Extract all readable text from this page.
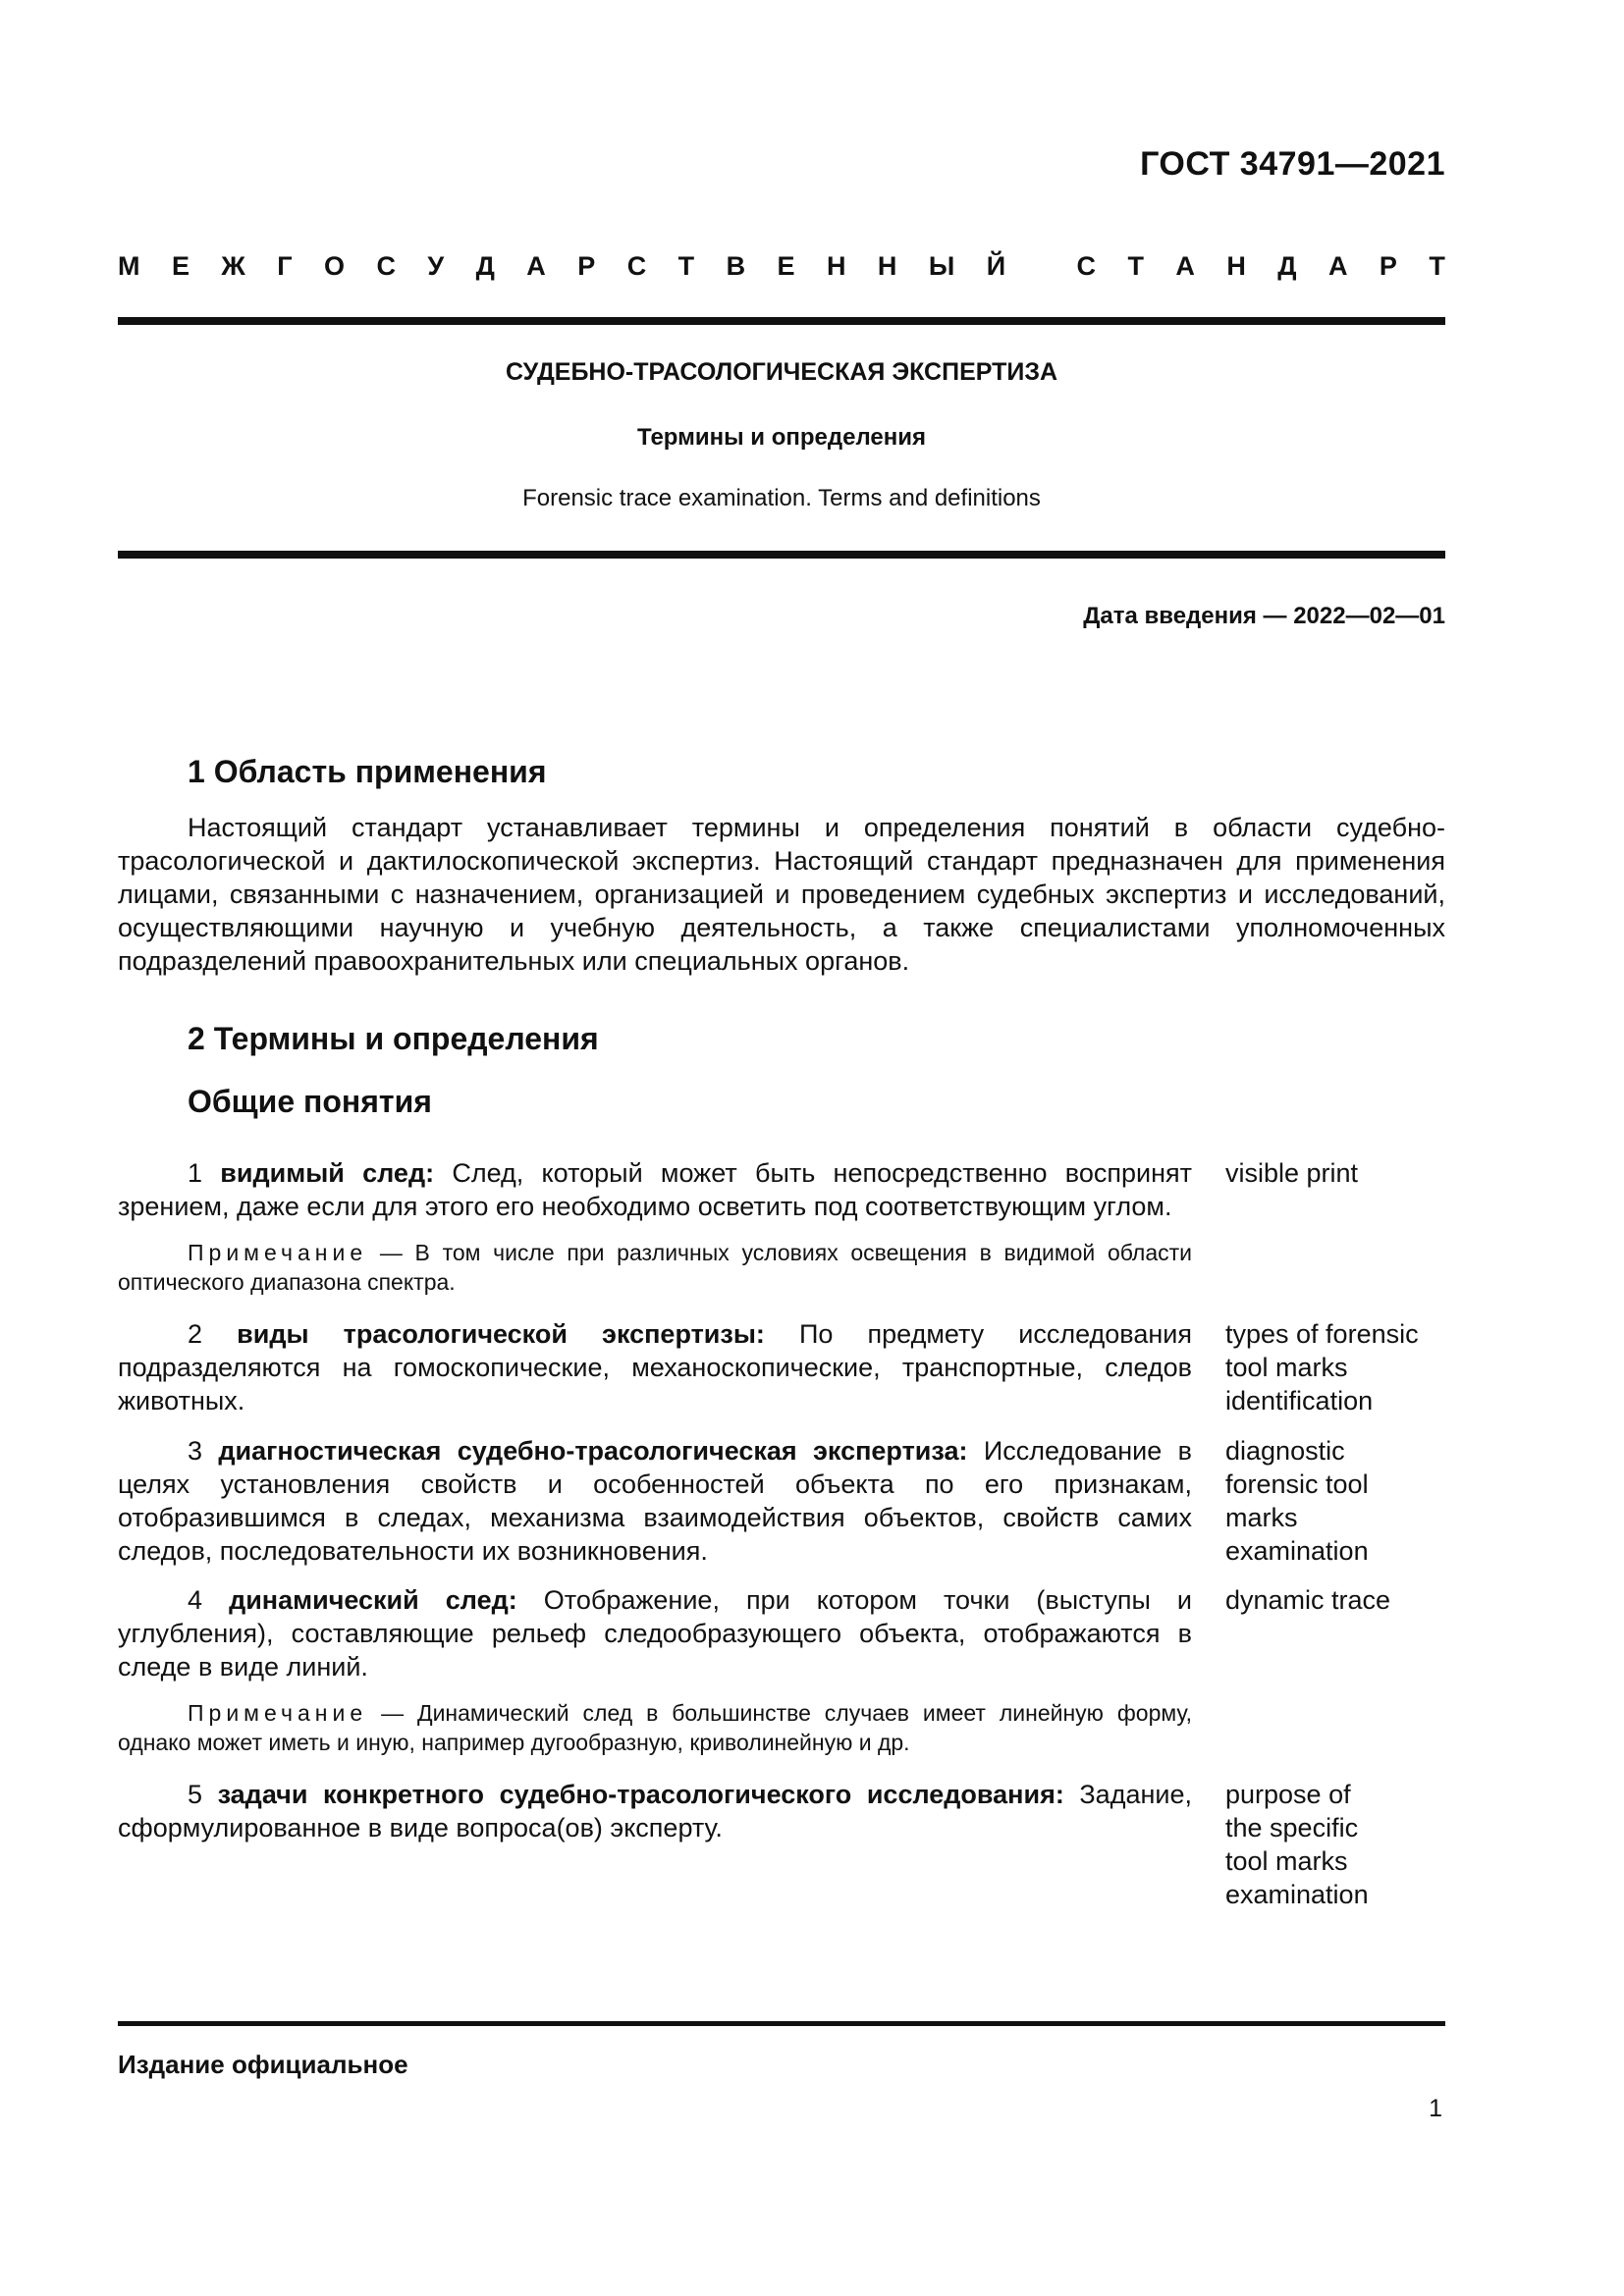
ГОСТ 34791—2021
М Е Ж Г О С У Д А Р С Т В Е Н Н Ы Й
	С Т А Н Д А Р Т
СУДЕБНО-ТРАСОЛОГИЧЕСКАЯ ЭКСПЕРТИЗА
Термины и определения
Forensic trace examination. Terms and definitions
Дата введения — 2022—02—01
1 Область применения

Настоящий стандарт устанавливает термины и определения понятий в области судебно-трасологической и дактилоскопической экспертиз. Настоящий стандарт предназначен для применения лицами, связанными с назначением, организацией и проведением судебных экспертиз и исследований, осуществляющими научную и учебную деятельность, а также специалистами уполномоченных подразделений правоохранительных или специальных органов.

2 Термины и определения
Общие понятия

1 видимый след: След, который может быть непосредственно воспринят зрением, даже если для этого его необходимо осветить под соответствующим углом.

visible print

Примечание — В том числе при различных условиях освещения в видимой области оптического диапазона спектра.

2 виды трасологической экспертизы: По предмету исследования подразделяются на гомоскопические, механоскопические, транспортные, следов животных.

types of forensic tool marks identification

3 диагностическая судебно-трасологическая экспертиза: Исследование в целях установления свойств и особенностей объекта по его признакам, отобразившимся в следах, механизма взаимодействия объектов, свойств самих следов, последовательности их возникновения.

diagnostic forensic tool marks examination

4 динамический след: Отображение, при котором точки (выступы и углубления), составляющие рельеф следообразующего объекта, отображаются в следе в виде линий.

dynamic trace

Примечание — Динамический след в большинстве случаев имеет линейную форму, однако может иметь и иную, например дугообразную, криволинейную и др.

5 задачи конкретного судебно-трасологического исследования: Задание, сформулированное в виде вопроса(ов) эксперту.

purpose of the specific tool marks examination
Издание официальное
1
